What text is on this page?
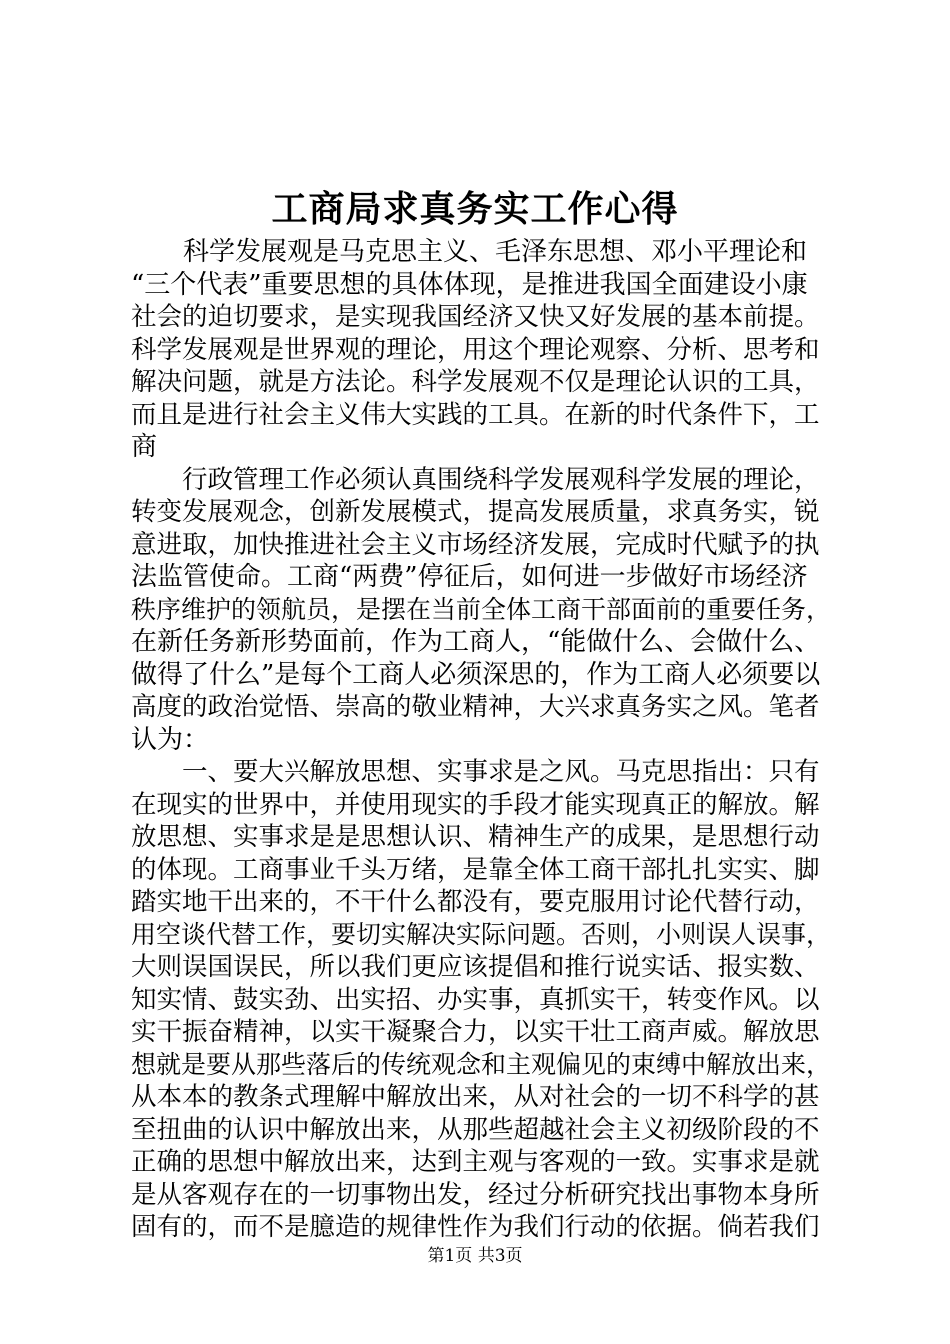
工商局求真务实工作心得
　　科学发展观是马克思主义、毛泽东思想、邓小平理论和
“三个代表”重要思想的具体体现，是推进我国全面建设小康
社会的迫切要求，是实现我国经济又快又好发展的基本前提。
科学发展观是世界观的理论，用这个理论观察、分析、思考和
解决问题，就是方法论。科学发展观不仅是理论认识的工具，
而且是进行社会主义伟大实践的工具。在新的时代条件下，工
商
　　行政管理工作必须认真围绕科学发展观科学发展的理论，
转变发展观念，创新发展模式，提高发展质量，求真务实，锐
意进取，加快推进社会主义市场经济发展，完成时代赋予的执
法监管使命。工商“两费”停征后，如何进一步做好市场经济
秩序维护的领航员，是摆在当前全体工商干部面前的重要任务，
在新任务新形势面前，作为工商人，“能做什么、会做什么、
做得了什么”是每个工商人必须深思的，作为工商人必须要以
高度的政治觉悟、崇高的敬业精神，大兴求真务实之风。笔者
认为：
　　一、要大兴解放思想、实事求是之风。马克思指出：只有
在现实的世界中，并使用现实的手段才能实现真正的解放。解
放思想、实事求是是思想认识、精神生产的成果，是思想行动
的体现。工商事业千头万绪，是靠全体工商干部扎扎实实、脚
踏实地干出来的，不干什么都没有，要克服用讨论代替行动，
用空谈代替工作，要切实解决实际问题。否则，小则误人误事，
大则误国误民，所以我们更应该提倡和推行说实话、报实数、
知实情、鼓实劲、出实招、办实事，真抓实干，转变作风。以
实干振奋精神，以实干凝聚合力，以实干壮工商声威。解放思
想就是要从那些落后的传统观念和主观偏见的束缚中解放出来，
从本本的教条式理解中解放出来，从对社会的一切不科学的甚
至扭曲的认识中解放出来，从那些超越社会主义初级阶段的不
正确的思想中解放出来，达到主观与客观的一致。实事求是就
是从客观存在的一切事物出发，经过分析研究找出事物本身所
固有的，而不是臆造的规律性作为我们行动的依据。倘若我们
第1页 共3页
